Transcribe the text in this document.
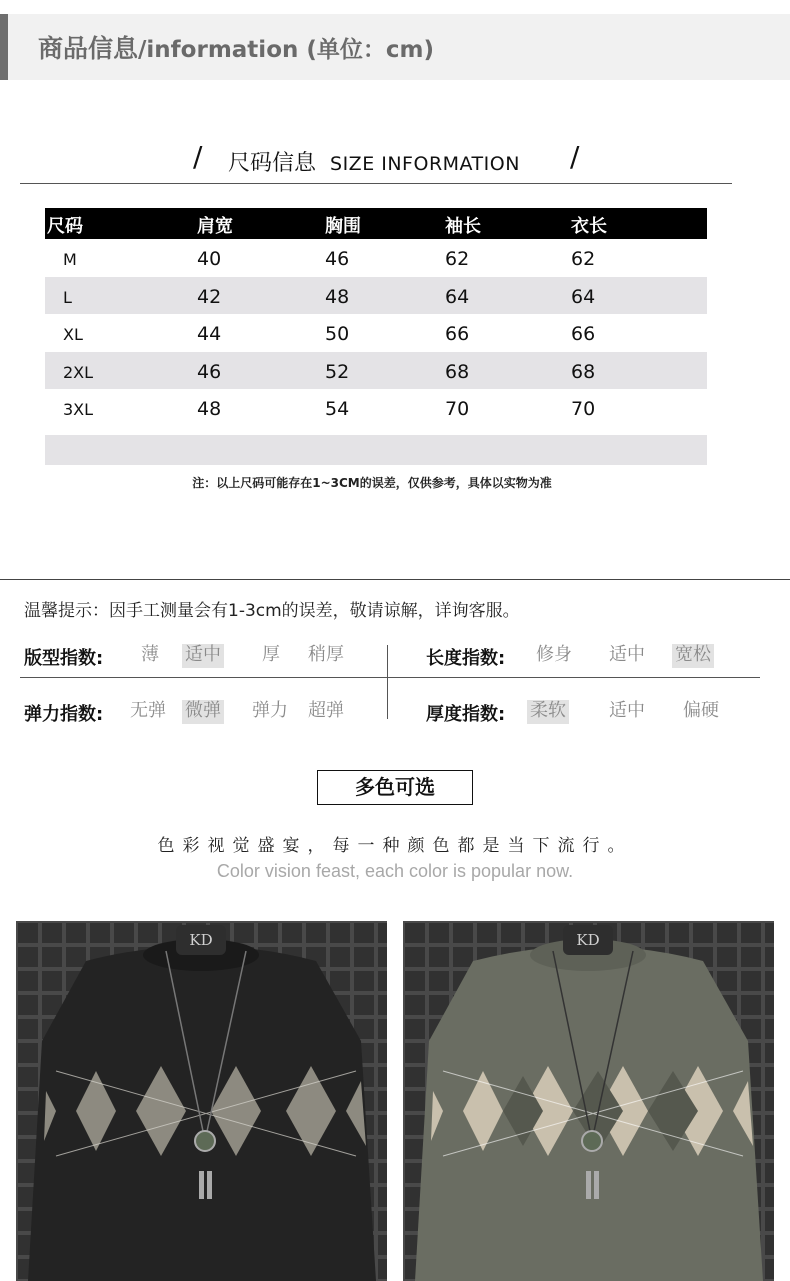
商品信息/information (单位：cm)
/ 尺码信息 SIZE INFORMATION /
尺码	肩宽	胸围	袖长	衣长
M	40	46	62	62
L	42	48	64	64
XL	44	50	66	66
2XL	46	52	68	68
3XL	48	54	70	70
注：以上尺码可能存在1~3CM的误差，仅供参考，具体以实物为准
温馨提示：因手工测量会有1-3cm的误差，敬请谅解，详询客服。
版型指数: 薄 适中 厚 稍厚	长度指数: 修身 适中 宽松
弹力指数: 无弹 微弹 弹力 超弹	厚度指数: 柔软 适中 偏硬
多色可选
色彩视觉盛宴，每一种颜色都是当下流行。
Color vision feast, each color is popular now.
KD	KD
